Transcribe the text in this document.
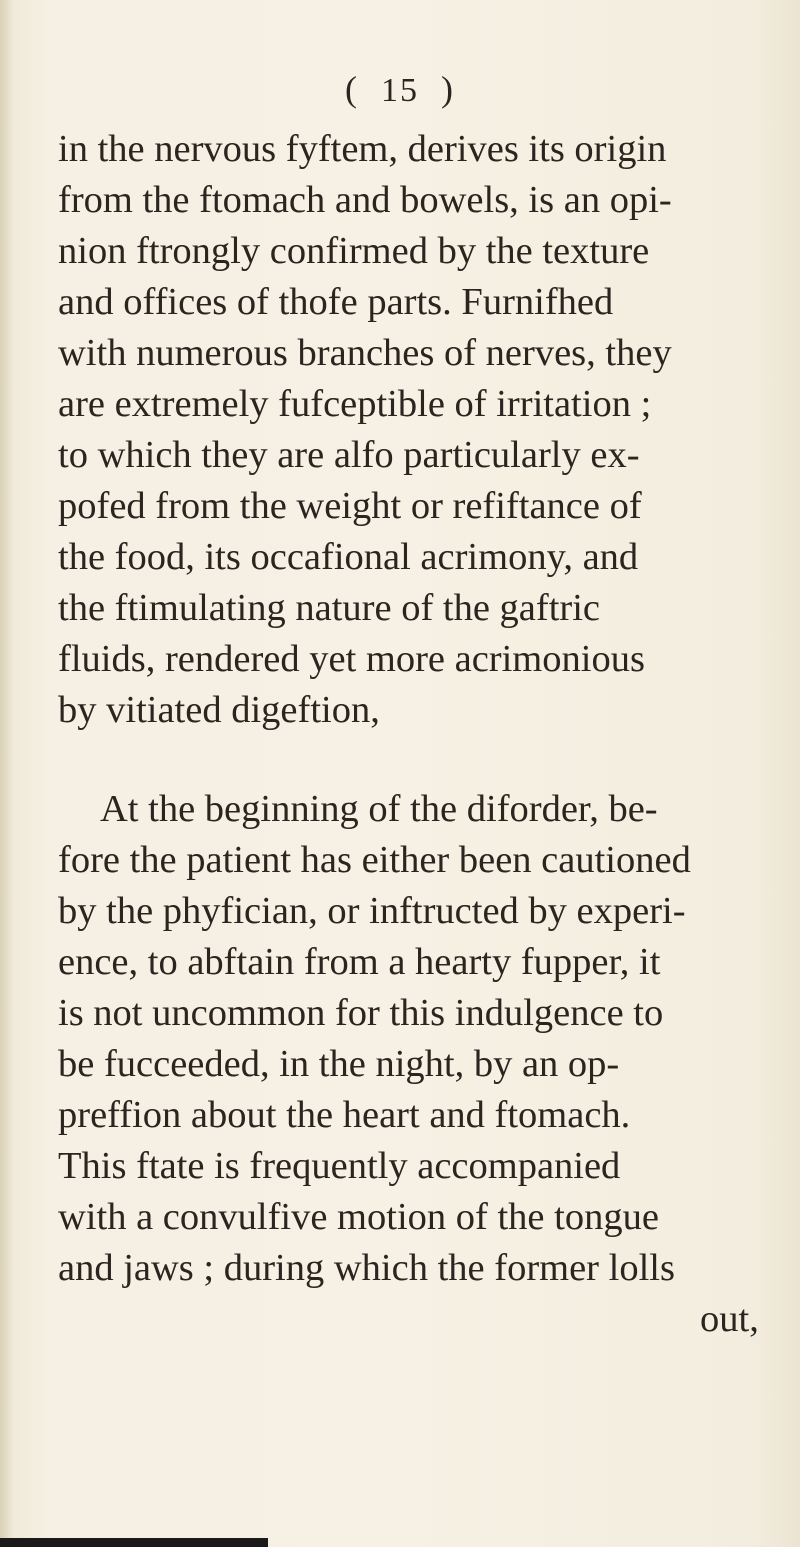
( 15 )
in the nervous fyftem, derives its origin
from the ftomach and bowels, is an opi-
nion ftrongly confirmed by the texture
and offices of thofe parts. Furnifhed
with numerous branches of nerves, they
are extremely fufceptible of irritation ;
to which they are alfo particularly ex-
pofed from the weight or refiftance of
the food, its occafional acrimony, and
the ftimulating nature of the gaftric
fluids, rendered yet more acrimonious
by vitiated digeftion,
At the beginning of the diforder, be-
fore the patient has either been cautioned
by the phyfician, or inftructed by experi-
ence, to abftain from a hearty fupper, it
is not uncommon for this indulgence to
be fucceeded, in the night, by an op-
preffion about the heart and ftomach.
This ftate is frequently accompanied
with a convulfive motion of the tongue
and jaws ; during which the former lolls
out,
